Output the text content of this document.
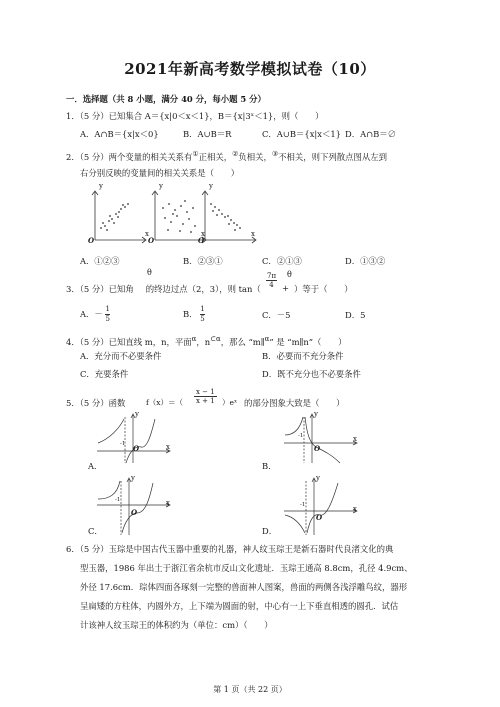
2021年新高考数学模拟试卷（10）
一．选择题（共 8 小题，满分 40 分，每小题 5 分）
1．（5 分）已知集合 A＝{x|0＜x＜1}，B＝{x|3ˣ＜1}，则（　　）
A．A∩B＝{x|x＜0}	B．A∪B＝R	C．A∪B＝{x|x＜1} D．A∩B＝∅
2．（5 分）两个变量的相关关系有①正相关，②负相关，③不相关，则下列散点图从左到
右分别反映的变量间的相关关系是（　　）
y
x
O
y
x
O
y
x
O
A．①②③	B．②③①	C．②①③	D．①③②
θ
3．（5 分）已知角 的终边过点（2，3），则 $\tan( \frac{7\pi}{4}$ +
θ
）等于（　　）
A．－ $\frac{1}{5}$	B． $\frac{1}{5}$	C．－5	D．5
4．（5 分）已知直线 m，n，平面$^\alpha$，$n^{\subset\alpha}$，那么 “m∥$^\alpha$” 是 “m∥n”（　　）
A．充分而不必要条件	B．必要而不充分条件
C．充要条件	D．既不充分也不必要条件
5．（5 分）函数	$f(x)=( \frac{x - 1}{x + 1}$ ）eˣ 的部分图象大致是（　　）
y
x
O
-1
y
x
O
-1
y
x
O
-1
y
x
O
-1
A．	B．
C．	D．
6．（5 分）玉琮是中国古代玉器中重要的礼器，神人纹玉琮王是新石器时代良渚文化的典
型玉器，1986 年出土于浙江省余杭市反山文化遗址．玉琮王通高 8.8cm，孔径 4.9cm、
外径 17.6cm．琮体四面各琢刻一完整的兽面神人图案，兽面的两侧各浅浮雕鸟纹，器形
呈扁矮的方柱体，内圆外方，上下端为圆面的射，中心有一上下垂直相透的圆孔．试估
计该神人纹玉琮王的体积约为（单位：cm）（　　）
第 1 页（共 22 页）
